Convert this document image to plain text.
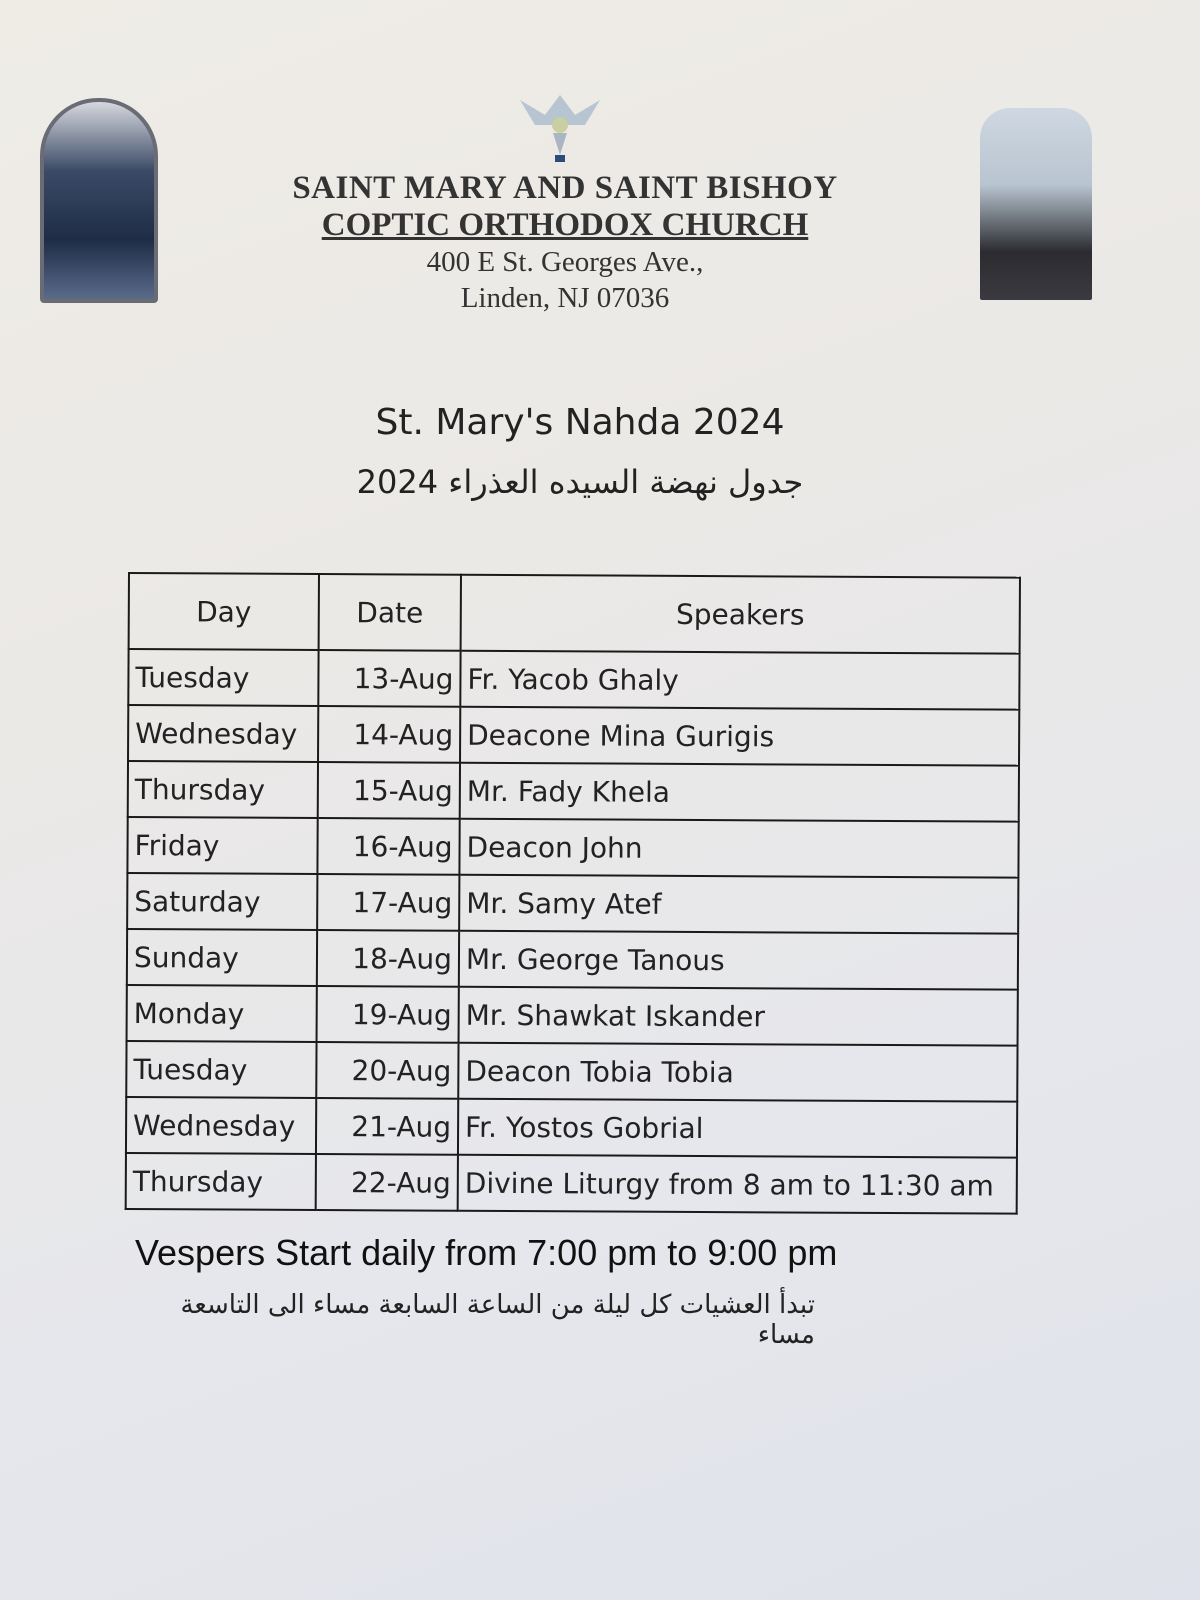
SAINT MARY AND SAINT BISHOY
COPTIC ORTHODOX CHURCH
400 E St. Georges Ave.,
Linden, NJ 07036
St. Mary's Nahda 2024
جدول نهضة السيده العذراء 2024
Day	Date	Speakers
Tuesday	13-Aug	Fr. Yacob Ghaly
Wednesday	14-Aug	Deacone Mina Gurigis
Thursday	15-Aug	Mr. Fady Khela
Friday	16-Aug	Deacon John
Saturday	17-Aug	Mr. Samy Atef
Sunday	18-Aug	Mr. George Tanous
Monday	19-Aug	Mr. Shawkat Iskander
Tuesday	20-Aug	Deacon Tobia Tobia
Wednesday	21-Aug	Fr. Yostos Gobrial
Thursday	22-Aug	Divine Liturgy from 8 am to 11:30 am
Vespers Start daily from 7:00 pm to 9:00 pm
تبدأ العشيات كل ليلة من الساعة السابعة مساء الى التاسعة مساء
